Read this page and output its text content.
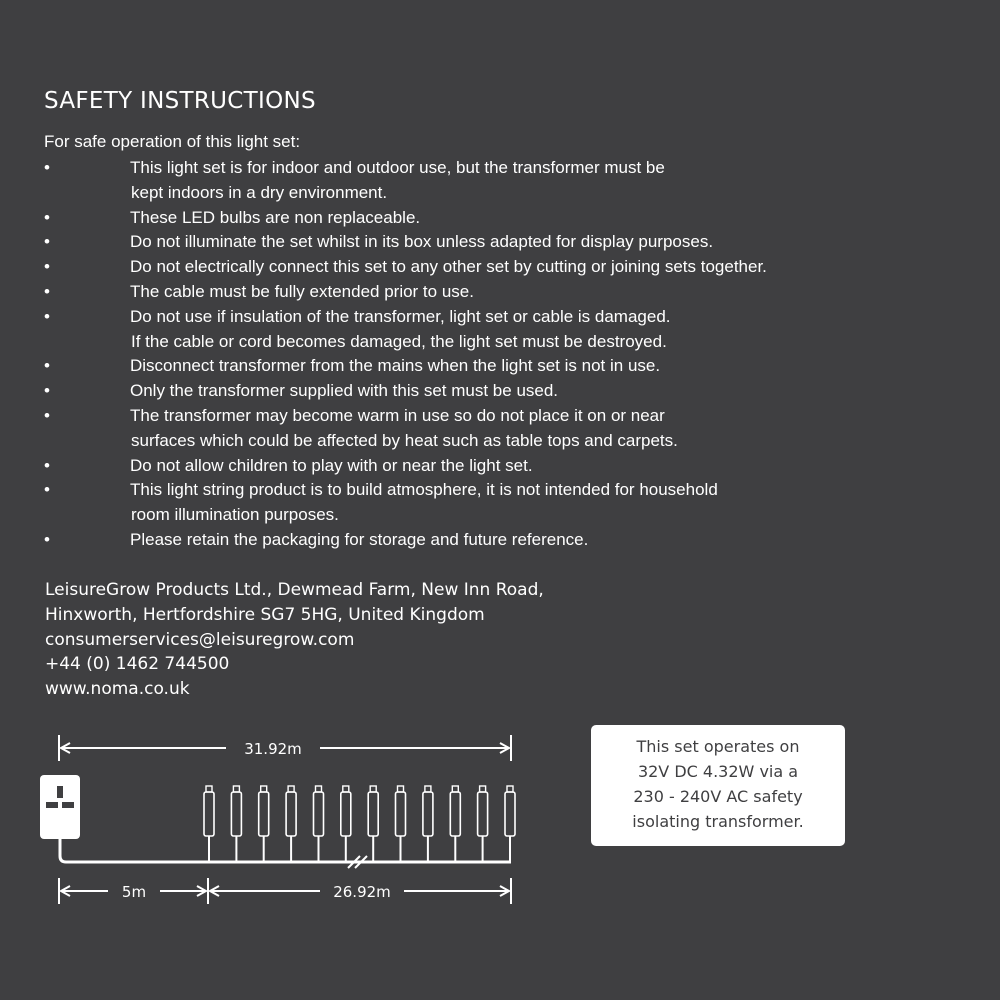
SAFETY INSTRUCTIONS
For safe operation of this light set:
•	This light set is for indoor and outdoor use, but the transformer must be
kept indoors in a dry environment.
•	These LED bulbs are non replaceable.
•	Do not illuminate the set whilst in its box unless adapted for display purposes.
•	Do not electrically connect this set to any other set by cutting or joining sets together.
•	The cable must be fully extended prior to use.
•	Do not use if insulation of the transformer, light set or cable is damaged.
If the cable or cord becomes damaged, the light set must be destroyed.
•	Disconnect transformer from the mains when the light set is not in use.
•	Only the transformer supplied with this set must be used.
•	The transformer may become warm in use so do not place it on or near
surfaces which could be affected by heat such as table tops and carpets.
•	Do not allow children to play with or near the light set.
•	This light string product is to build atmosphere, it is not intended for household
room illumination purposes.
•	Please retain the packaging for storage and future reference.
LeisureGrow Products Ltd., Dewmead Farm, New Inn Road,
Hinxworth, Hertfordshire SG7 5HG, United Kingdom
consumerservices@leisuregrow.com
+44 (0) 1462 744500
www.noma.co.uk
31.92m
5m	26.92m
This set operates on
32V DC 4.32W via a
230 - 240V AC safety
isolating transformer.
